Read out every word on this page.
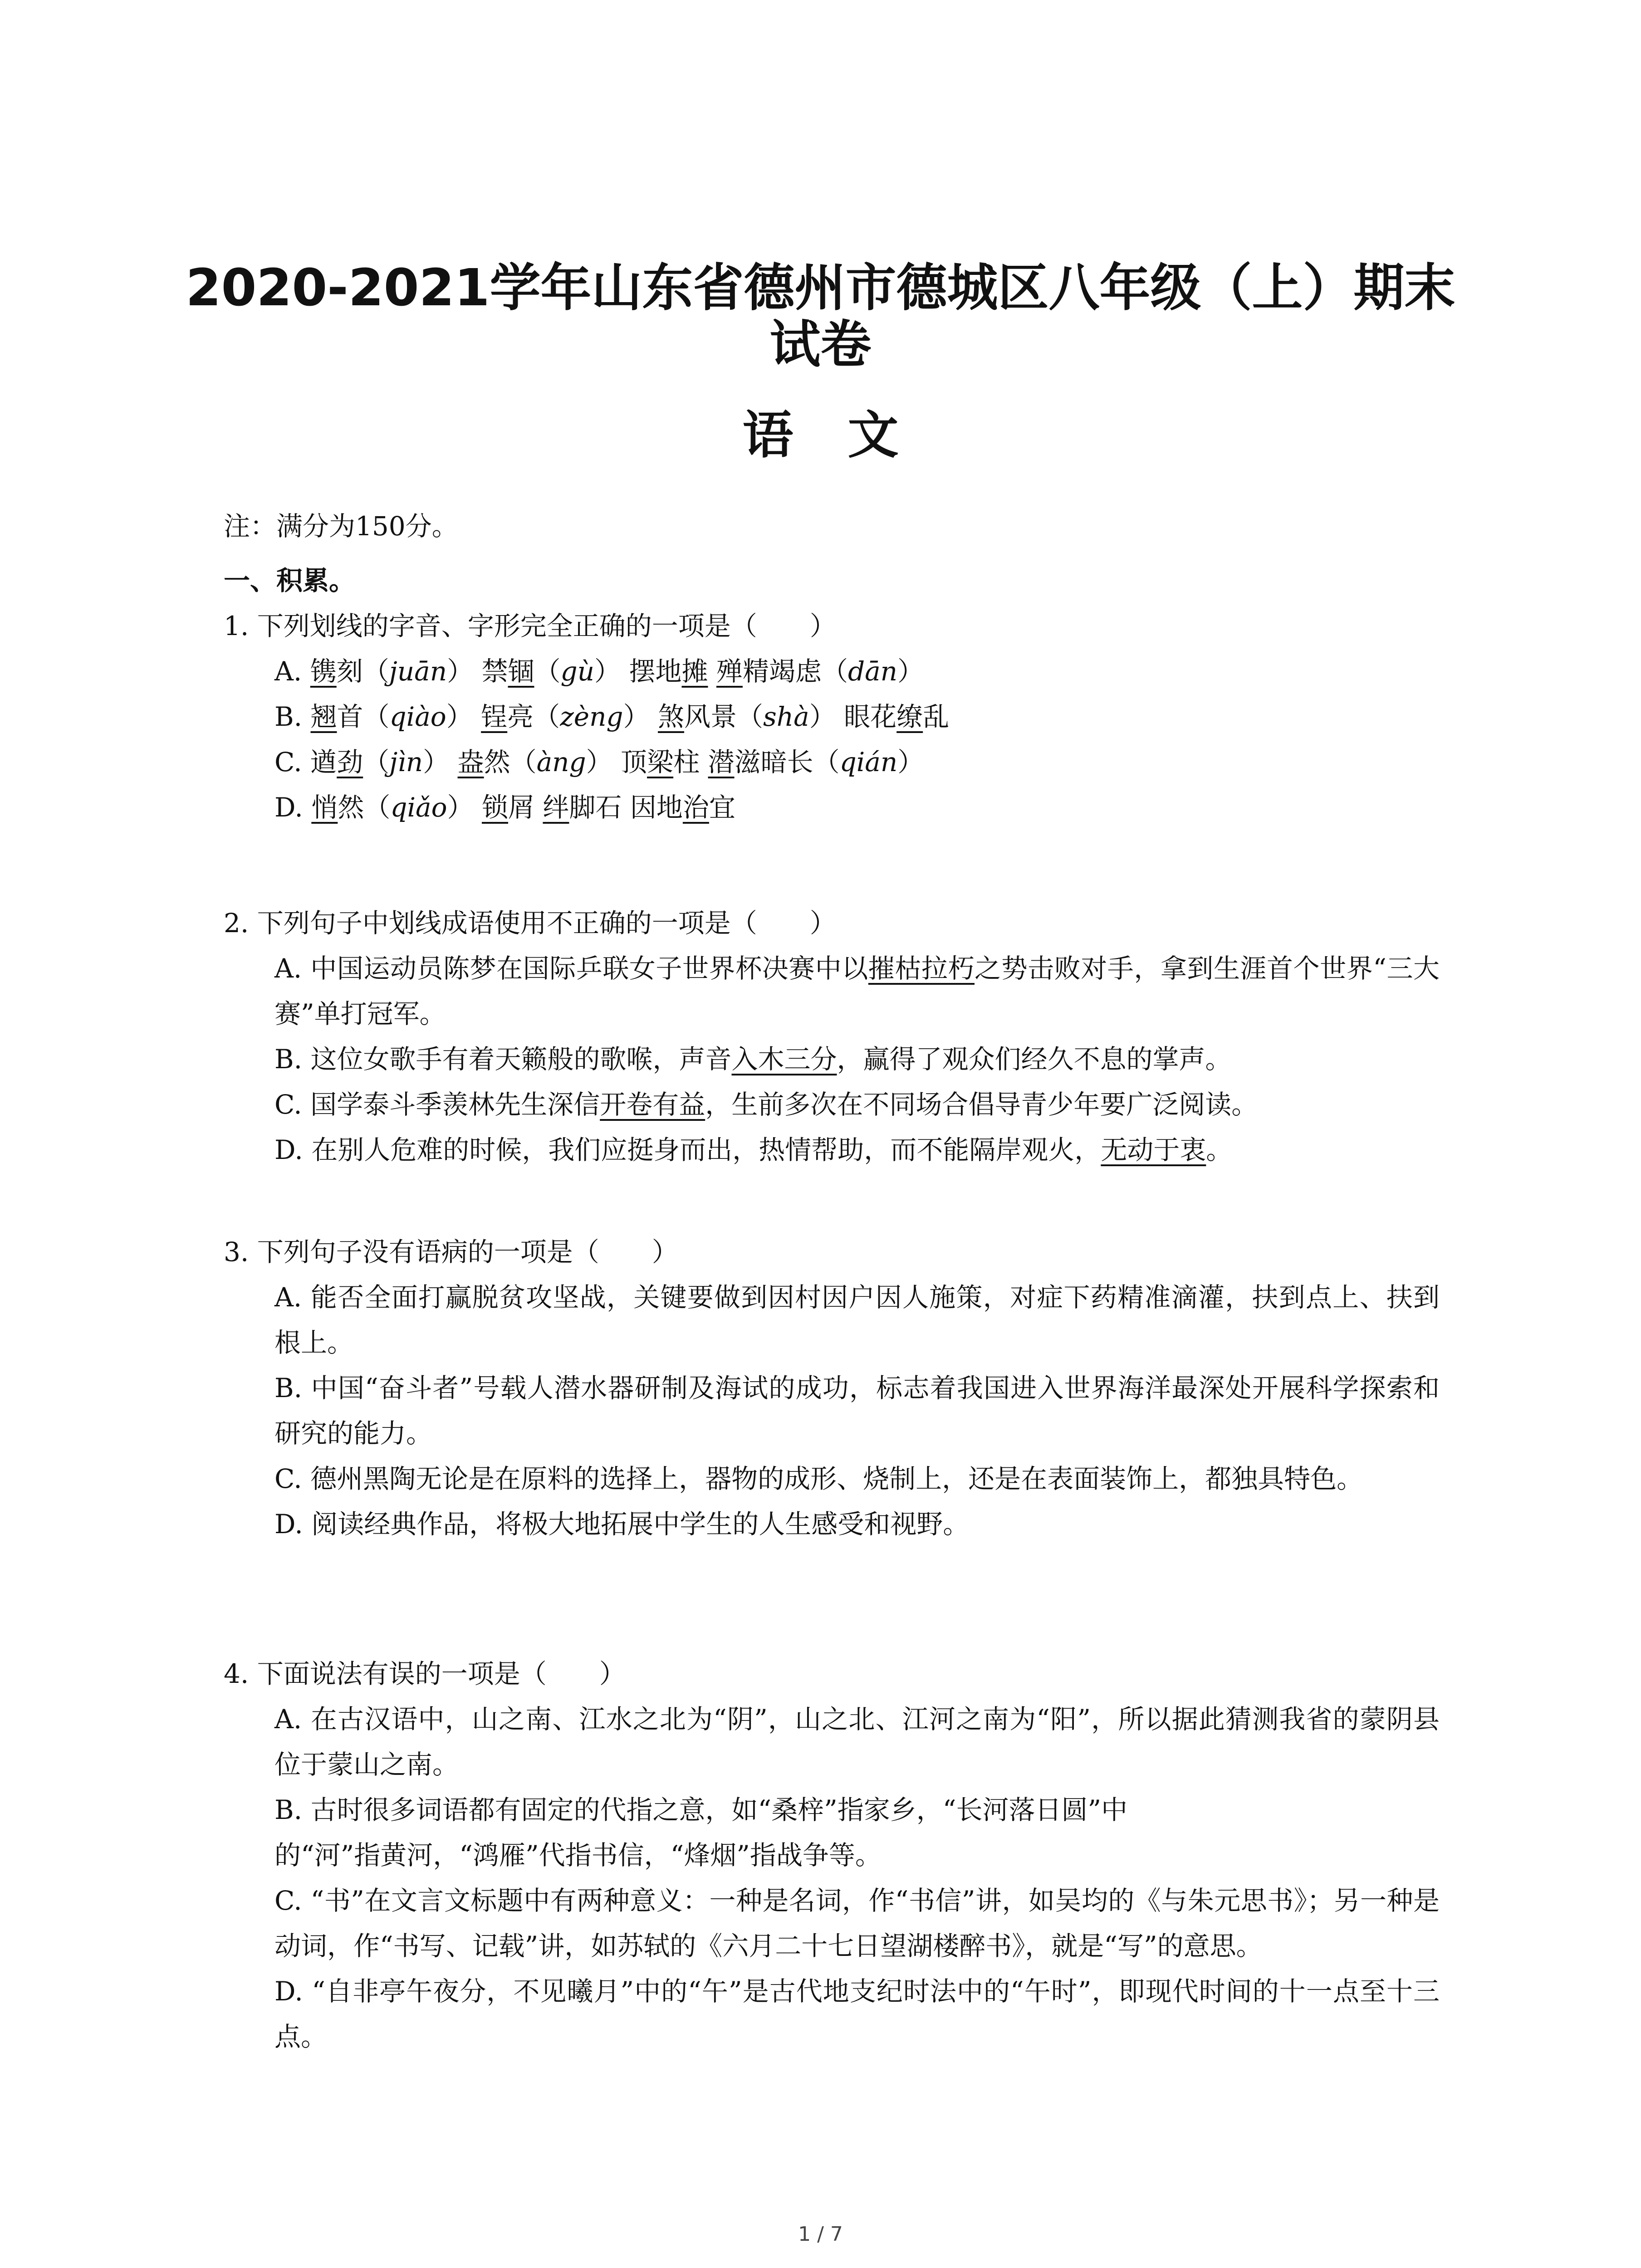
2020-2021学年山东省德州市德城区八年级（上）期末
试卷
语文
注：满分为150分。
一、积累。
1. 下列划线的字音、字形完全正确的一项是（　　）
A. 镌刻（juān） 禁锢（gù） 摆地摊 殚精竭虑（dān）
B. 翘首（qiào） 锃亮（zèng） 煞风景（shà） 眼花缭乱
C. 遒劲（jìn） 盎然（àng） 顶梁柱 潜滋暗长（qián）
D. 悄然（qiǎo） 锁屑 绊脚石 因地治宜
2. 下列句子中划线成语使用不正确的一项是（　　）
A. 中国运动员陈梦在国际乒联女子世界杯决赛中以摧枯拉朽之势击败对手，拿到生涯首个世界“三大赛”单打冠军。
B. 这位女歌手有着天籁般的歌喉，声音入木三分，赢得了观众们经久不息的掌声。
C. 国学泰斗季羡林先生深信开卷有益，生前多次在不同场合倡导青少年要广泛阅读。
D. 在别人危难的时候，我们应挺身而出，热情帮助，而不能隔岸观火，无动于衷。
3. 下列句子没有语病的一项是（　　）
A. 能否全面打赢脱贫攻坚战，关键要做到因村因户因人施策，对症下药精准滴灌，扶到点上、扶到根上。
B. 中国“奋斗者”号载人潜水器研制及海试的成功，标志着我国进入世界海洋最深处开展科学探索和研究的能力。
C. 德州黑陶无论是在原料的选择上，器物的成形、烧制上，还是在表面装饰上，都独具特色。
D. 阅读经典作品，将极大地拓展中学生的人生感受和视野。
4. 下面说法有误的一项是（　　）
A. 在古汉语中，山之南、江水之北为“阴”，山之北、江河之南为“阳”，所以据此猜测我省的蒙阴县位于蒙山之南。
B. 古时很多词语都有固定的代指之意，如“桑梓”指家乡，“长河落日圆”中
的“河”指黄河，“鸿雁”代指书信，“烽烟”指战争等。
C. “书”在文言文标题中有两种意义：一种是名词，作“书信”讲，如吴均的《与朱元思书》；另一种是动词，作“书写、记载”讲，如苏轼的《六月二十七日望湖楼醉书》，就是“写”的意思。
D. “自非亭午夜分，不见曦月”中的“午”是古代地支纪时法中的“午时”，即现代时间的十一点至十三点。
1 / 7
